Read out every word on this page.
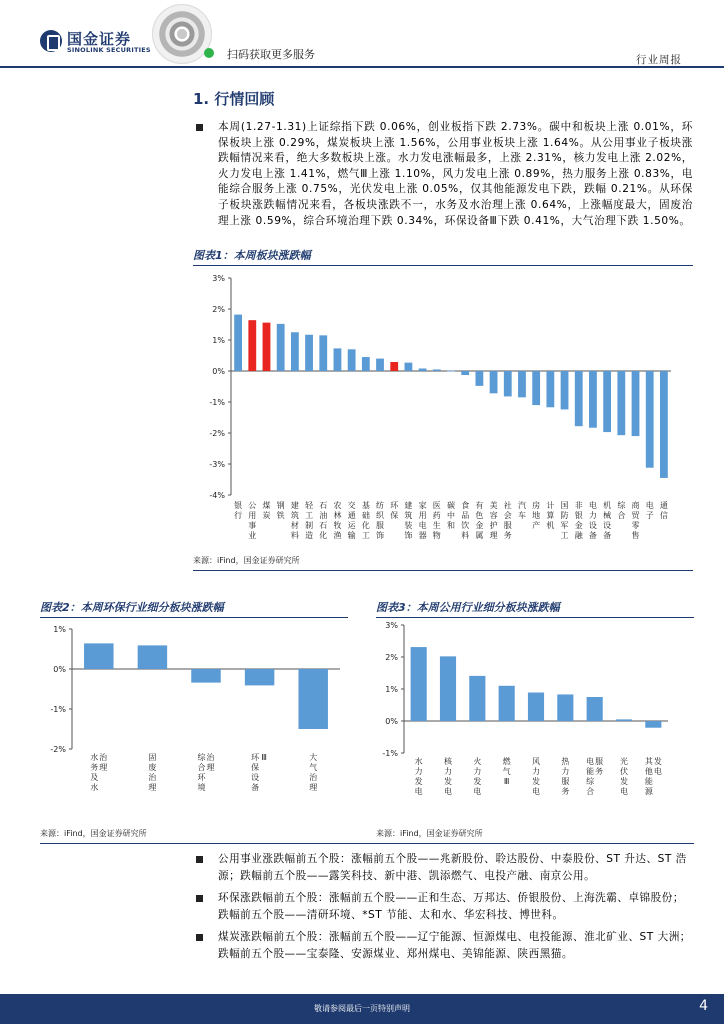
国金证券
SINOLINK SECURITIES	扫码获取更多服务	行业周报
1. 行情回顾
本周(1.27-1.31)上证综指下跌 0.06%，创业板指下跌 2.73%。碳中和板块上涨 0.01%，环保板块上涨 0.29%，煤炭板块上涨 1.56%，公用事业板块上涨 1.64%。从公用事业子板块涨跌幅情况来看，绝大多数板块上涨。水力发电涨幅最多，上涨 2.31%，核力发电上涨 2.02%，火力发电上涨 1.41%，燃气Ⅲ上涨 1.10%，风力发电上涨 0.89%，热力服务上涨 0.83%，电能综合服务上涨 0.75%，光伏发电上涨 0.05%，仅其他能源发电下跌，跌幅 0.21%。从环保子板块涨跌幅情况来看，各板块涨跌不一，水务及水治理上涨 0.64%，上涨幅度最大，固废治理上涨 0.59%，综合环境治理下跌 0.34%，环保设备Ⅲ下跌 0.41%，大气治理下跌 1.50%。
图表1：本周板块涨跌幅
3%
2%
1%
0%
-1%
-2%
-3%
-4%
银
行
公
用
事
业
煤
炭
钢
铁
建
筑
材
料
轻
工
制
造
石
油
石
化
农
林
牧
渔
交
通
运
输
基
础
化
工
纺
织
服
饰
环
保
建
筑
装
饰
家
用
电
器
医
药
生
物
碳
中
和
食
品
饮
料
有
色
金
属
美
容
护
理
社
会
服
务
汽
车
房
地
产
计
算
机
国
防
军
工
非
银
金
融
电
力
设
备
机
械
设
备
综
合
商
贸
零
售
电
子
通
信
来源：iFind，国金证券研究所
图表2：本周环保行业细分板块涨跌幅
1%
0%
-1%
-2%
水
务
及
水
治
理
固
废
治
理
综
合
环
境
治
理
环
保
设
备
Ⅲ	大
气
治
理
来源：iFind，国金证券研究所
图表3：本周公用行业细分板块涨跌幅
3%
2%
1%
0%
-1%
水
力
发
电
核
力
发
电
火
力
发
电
燃
气
Ⅲ
风
力
发
电
热
力
服
务
电
能
综
合
服
务
光
伏
发
电
其
他
能
源
发
电
来源：iFind，国金证券研究所
公用事业涨跌幅前五个股：涨幅前五个股——兆新股份、聆达股份、中泰股份、ST 升达、ST 浩源；跌幅前五个股——露笑科技、新中港、凯添燃气、电投产融、南京公用。
环保涨跌幅前五个股：涨幅前五个股——正和生态、万邦达、侨银股份、上海洗霸、卓锦股份；跌幅前五个股——清研环境、*ST 节能、太和水、华宏科技、博世科。
煤炭涨跌幅前五个股：涨幅前五个股——辽宁能源、恒源煤电、电投能源、淮北矿业、ST 大洲；跌幅前五个股——宝泰隆、安源煤业、郑州煤电、美锦能源、陕西黑猫。
敬请参阅最后一页特别声明	4
